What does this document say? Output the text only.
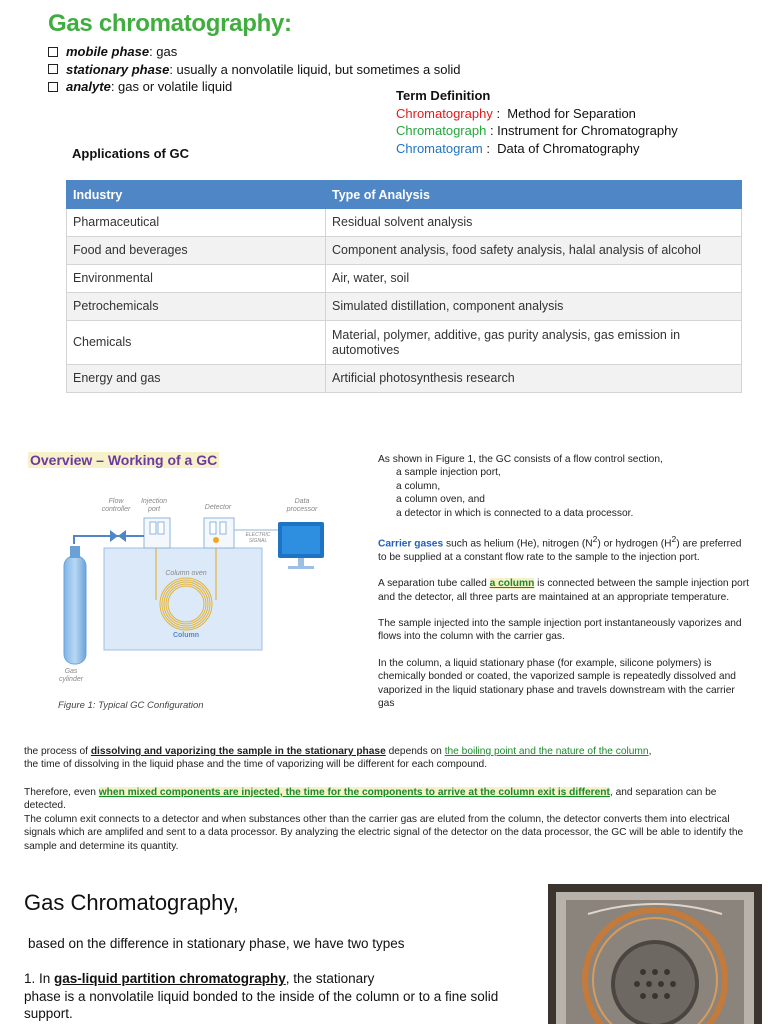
Gas chromatography:
mobile phase : gas
stationary phase : usually a nonvolatile liquid, but sometimes a solid
analyte : gas or volatile liquid
Term Definition
Chromatography :  Method for Separation
Chromatograph : Instrument for Chromatography
Chromatogram :  Data of Chromatography
Applications of GC
Industry	Type of Analysis
Pharmaceutical	Residual solvent analysis
Food and beverages	Component analysis, food safety analysis, halal analysis of alcohol
Environmental	Air, water, soil
Petrochemicals	Simulated distillation, component analysis
Chemicals	Material, polymer, additive, gas purity analysis, gas emission in automotives
Energy and gas	Artificial photosynthesis research
Overview – Working of a GC
Flow controller
Injection port	Detector
Data processor
Column oven
Column
Gas cylinder
ELECTRIC SIGNAL
Figure 1: Typical GC Configuration

As shown in Figure 1, the GC consists of a flow control section,
a sample injection port,
a column,
a column oven, and
a detector in which is connected to a data processor.

Carrier gases such as helium (He), nitrogen $(N^2)$ or hydrogen $(H^2)$ are preferred to be supplied at a constant flow rate to the sample to the injection port.

A separation tube called a column is connected between the sample injection port and the detector, all three parts are maintained at an appropriate temperature.

The sample injected into the sample injection port instantaneously vaporizes and flows into the column with the carrier gas.

In the column, a liquid stationary phase (for example, silicone polymers) is chemically bonded or coated, the vaporized sample is repeatedly dissolved and vaporized in the liquid stationary phase and travels downstream with the carrier gas

the process of dissolving and vaporizing the sample in the stationary phase depends on the boiling point and the nature of the column,
the time of dissolving in the liquid phase and the time of vaporizing will be different for each compound.
Therefore, even when mixed components are injected, the time for the components to arrive at the column exit is different, and separation can be detected.
The column exit connects to a detector and when substances other than the carrier gas are eluted from the column, the detector converts them into electrical signals which are amplifed and sent to a data processor. By analyzing the electric signal of the detector on the data processor, the GC will be able to identify the sample and determine its quantity.
Gas Chromatography,
based on the difference in stationary phase, we have two types
1. In gas-liquid partition chromatography, the stationary
phase is a nonvolatile liquid bonded to the inside of the column or to a fine solid support.
